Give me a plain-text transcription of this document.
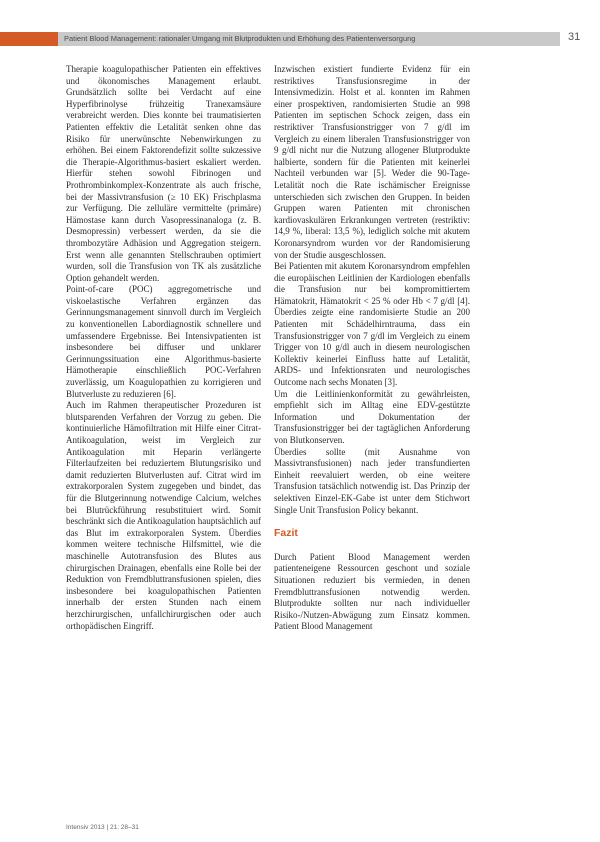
Patient Blood Management: rationaler Umgang mit Blutprodukten und Erhöhung des Patientenversorgung	31

Therapie koagulopathischer Patienten ein effektives und ökonomisches Management erlaubt. Grundsätzlich sollte bei Verdacht auf eine Hyperfibrinolyse frühzeitig Tranexamsäure verabreicht werden. Dies konnte bei traumatisierten Patienten effektiv die Letalität senken ohne das Risiko für unerwünschte Nebenwirkungen zu erhöhen. Bei einem Faktorendefizit sollte sukzessive die Therapie-Algorithmus-basiert eskaliert werden. Hierfür stehen sowohl Fibrinogen und Prothrombinkomplex-Konzentrate als auch frische, bei der Massivtransfusion (≥ 10 EK) Frischplasma zur Verfügung. Die zelluläre vermittelte (primäre) Hämostase kann durch Vasopressinanaloga (z. B. Desmopressin) verbessert werden, da sie die thrombozytäre Adhäsion und Aggregation steigern. Erst wenn alle genannten Stellschrauben optimiert wurden, soll die Transfusion von TK als zusätzliche Option gehandelt werden.

Point-of-care (POC) aggregometrische und viskoelastische Verfahren ergänzen das Gerinnungsmanagement sinnvoll durch im Vergleich zu konventionellen Labordiagnostik schnellere und umfassendere Ergebnisse. Bei Intensivpatienten ist insbesondere bei diffuser und unklarer Gerinnungssituation eine Algorithmus-basierte Hämotherapie einschließlich POC-Verfahren zuverlässig, um Koagulopathien zu korrigieren und Blutverluste zu reduzieren [6].

Auch im Rahmen therapeutischer Prozeduren ist blutsparenden Verfahren der Vorzug zu geben. Die kontinuierliche Hämofiltration mit Hilfe einer Citrat-Antikoagulation, weist im Vergleich zur Antikoagulation mit Heparin verlängerte Filterlaufzeiten bei reduziertem Blutungsrisiko und damit reduzierten Blutverlusten auf. Citrat wird im extrakorporalen System zugegeben und bindet, das für die Blutgerinnung notwendige Calcium, welches bei Blutrückführung resubstituiert wird. Somit beschränkt sich die Antikoagulation hauptsächlich auf das Blut im extrakorporalen System. Überdies kommen weitere technische Hilfsmittel, wie die maschinelle Autotransfusion des Blutes aus chirurgischen Drainagen, ebenfalls eine Rolle bei der Reduktion von Fremdbluttransfusionen spielen, dies insbesondere bei koagulopathischen Patienten innerhalb der ersten Stunden nach einem herzchirurgischen, unfallchirurgischen oder auch orthopädischen Eingriff.

Inzwischen existiert fundierte Evidenz für ein restriktives Transfusionsregime in der Intensivmedizin. Holst et al. konnten im Rahmen einer prospektiven, randomisierten Studie an 998 Patienten im septischen Schock zeigen, dass ein restriktiver Transfusionstrigger von 7 g/dl im Vergleich zu einem liberalen Transfusionstrigger von 9 g/dl nicht nur die Nutzung allogener Blutprodukte halbierte, sondern für die Patienten mit keinerlei Nachteil verbunden war [5]. Weder die 90-Tage-Letalität noch die Rate ischämischer Ereignisse unterschieden sich zwischen den Gruppen. In beiden Gruppen waren Patienten mit chronischen kardiovaskulären Erkrankungen vertreten (restriktiv: 14,9 %, liberal: 13,5 %), lediglich solche mit akutem Koronarsyndrom wurden vor der Randomisierung von der Studie ausgeschlossen.

Bei Patienten mit akutem Koronarsyndrom empfehlen die europäischen Leitlinien der Kardiologen ebenfalls die Transfusion nur bei kompromittiertem Hämatokrit, Hämatokrit < 25 % oder Hb < 7 g/dl [4]. Überdies zeigte eine randomisierte Studie an 200 Patienten mit Schädelhirntrauma, dass ein Transfusionstrigger von 7 g/dl im Vergleich zu einem Trigger von 10 g/dl auch in diesem neurologischen Kollektiv keinerlei Einfluss hatte auf Letalität, ARDS- und Infektionsraten und neurologisches Outcome nach sechs Monaten [3].

Um die Leitlinienkonformität zu gewährleisten, empfiehlt sich im Alltag eine EDV-gestützte Information und Dokumentation der Transfusionstrigger bei der tagtäglichen Anforderung von Blutkonserven.

Überdies sollte (mit Ausnahme von Massivtransfusionen) nach jeder transfundierten Einheit reevaluiert werden, ob eine weitere Transfusion tatsächlich notwendig ist. Das Prinzip der selektiven Einzel-EK-Gabe ist unter dem Stichwort Single Unit Transfusion Policy bekannt.

Fazit

Durch Patient Blood Management werden patienteneigene Ressourcen geschont und soziale Situationen reduziert bis vermieden, in denen Fremdbluttransfusionen notwendig werden. Blutprodukte sollten nur nach individueller Risiko-/Nutzen-Abwägung zum Einsatz kommen. Patient Blood Management

Intensiv 2013 | 21: 28–31
